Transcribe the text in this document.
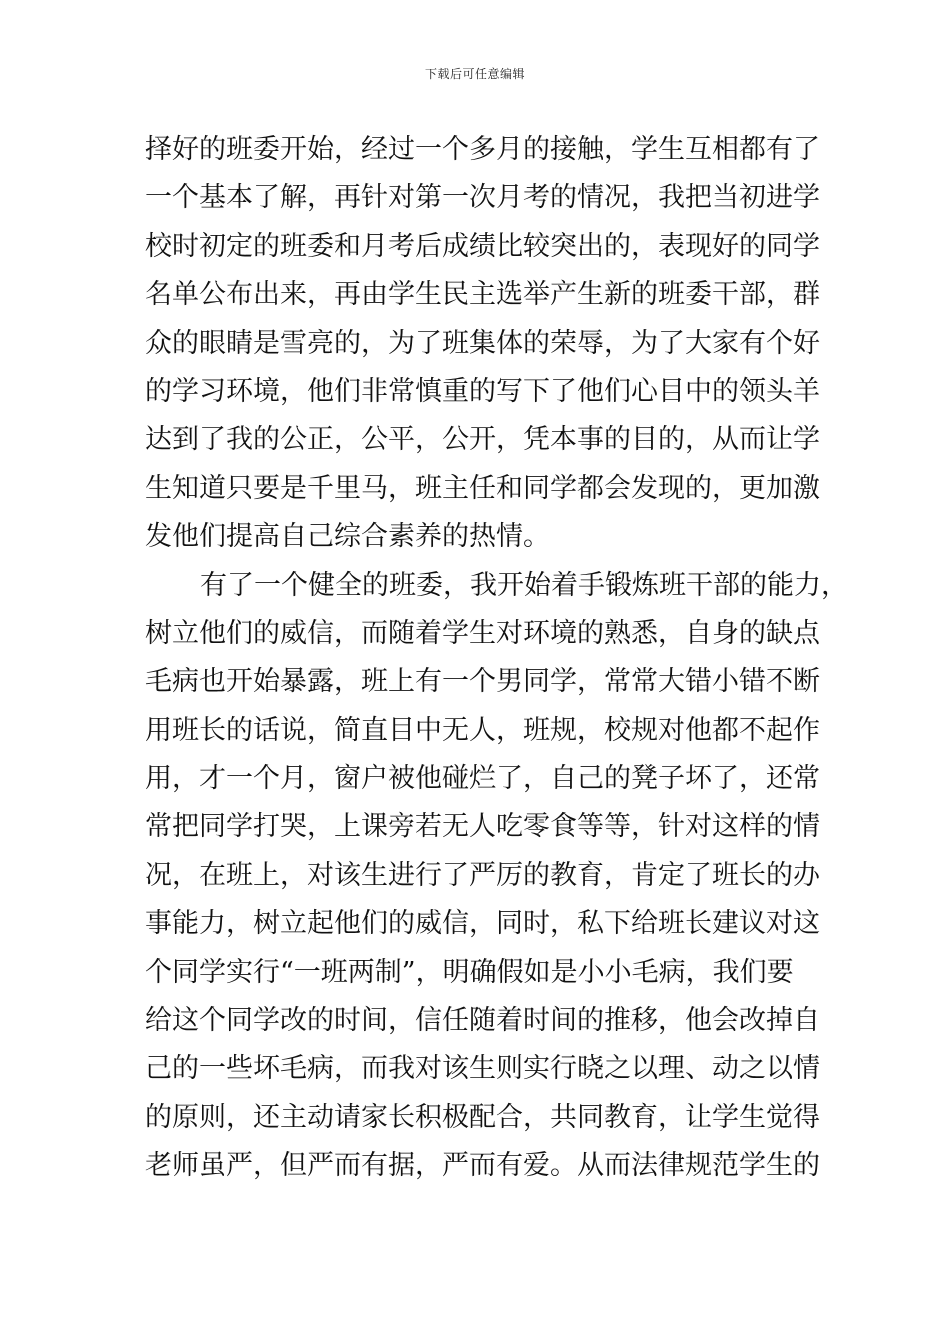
下载后可任意编辑
择好的班委开始，经过一个多月的接触，学生互相都有了
一个基本了解，再针对第一次月考的情况，我把当初进学
校时初定的班委和月考后成绩比较突出的，表现好的同学
名单公布出来，再由学生民主选举产生新的班委干部，群
众的眼睛是雪亮的，为了班集体的荣辱，为了大家有个好
的学习环境，他们非常慎重的写下了他们心目中的领头羊
达到了我的公正，公平，公开，凭本事的目的，从而让学
生知道只要是千里马，班主任和同学都会发现的，更加激
发他们提高自己综合素养的热情。
有了一个健全的班委，我开始着手锻炼班干部的能力，
树立他们的威信，而随着学生对环境的熟悉，自身的缺点
毛病也开始暴露，班上有一个男同学，常常大错小错不断
用班长的话说，简直目中无人，班规，校规对他都不起作
用，才一个月，窗户被他碰烂了，自己的凳子坏了，还常
常把同学打哭，上课旁若无人吃零食等等，针对这样的情
况，在班上，对该生进行了严厉的教育，肯定了班长的办
事能力，树立起他们的威信，同时，私下给班长建议对这
个同学实行“一班两制”，明确假如是小小毛病，我们要
给这个同学改的时间，信任随着时间的推移，他会改掉自
己的一些坏毛病，而我对该生则实行晓之以理、动之以情
的原则，还主动请家长积极配合，共同教育，让学生觉得
老师虽严，但严而有据，严而有爱。从而法律规范学生的
